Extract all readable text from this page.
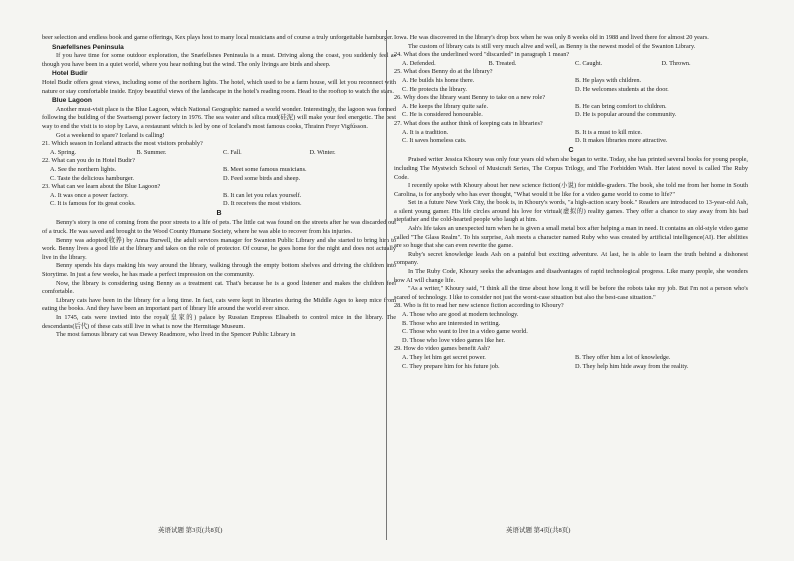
beer selection and endless book and game offerings, Kex plays host to many local musicians and of course a truly unforgettable hamburger.

Snæfellsnes Peninsula

If you have time for some outdoor exploration, the Snæfellsnes Peninsula is a must. Driving along the coast, you suddenly feel as though you have been in a quiet world, where you hear nothing but the wind. The only livings are birds and sheep.

Hotel Budir

Hotel Budir offers great views, including some of the northern lights. The hotel, which used to be a farm house, will let you reconnect with nature or stay comfortable inside. Enjoy beautiful views of the landscape in the hotel's reading room. Head to the rooftop to watch the stars.

Blue Lagoon

Another must-visit place is the Blue Lagoon, which National Geographic named a world wonder. Interestingly, the lagoon was formed following the building of the Svartsengi power factory in 1976. The sea water and silica mud(硅泥) will make your feel energetic. The best way to end the visit is to stop by Lava, a restaurant which is led by one of Iceland's most famous cooks, Thrainn Freyr Vigfússon.

Got a weekend to spare? Iceland is calling!

21. Which season in Iceland attracts the most visitors probably?
A. Spring.	B. Summer.	C. Fall.	D. Winter.
22. What can you do in Hotel Budir?
A. See the northern lights.	B. Meet some famous musicians.
C. Taste the delicious hamburger.	D. Feed some birds and sheep.
23. What can we learn about the Blue Lagoon?
A. It was once a power factory.	B. It can let you relax yourself.
C. It is famous for its great cooks.	D. It receives the most visitors.
B

Benny's story is one of coming from the poor streets to a life of pets. The little cat was found on the streets after he was discarded out of a truck. He was saved and brought to the Wood County Humane Society, where he was able to recover from his injuries.

Benny was adopted(收养) by Anna Burwell, the adult services manager for Swanton Public Library and she started to bring him to work. Benny lives a good life at the library and takes on the role of protector. Of course, he goes home for the night and does not actually live in the library.

Benny spends his days making his way around the library, walking through the empty bottom shelves and driving the children into Storytime. In just a few weeks, he has made a perfect impression on the community.

Now, the library is considering using Benny as a treatment cat. That's because he is a good listener and makes the children feel comfortable.

Library cats have been in the library for a long time. In fact, cats were kept in libraries during the Middle Ages to keep mice from eating the books. And they have been an important part of library life around the world ever since.

In 1745, cats were invited into the royal(皇家的) palace by Russian Empress Elisabeth to control mice in the library. The descendants(后代) of these cats still live in what is now the Hermitage Museum.

The most famous library cat was Dewey Readmore, who lived in the Spencer Public Library in

Iowa. He was discovered in the library's drop box when he was only 8 weeks old in 1988 and lived there for almost 20 years.

The custom of library cats is still very much alive and well, as Benny is the newest model of the Swanton Library.

24. What does the underlined word "discarded" in paragraph 1 mean?
A. Defended.	B. Treated.	C. Caught.	D. Thrown.
25. What does Benny do at the library?
A. He builds his home there.	B. He plays with children.
C. He protects the library.	D. He welcomes students at the door.
26. Why does the library want Benny to take on a new role?
A. He keeps the library quite safe.	B. He can bring comfort to children.
C. He is considered honourable.	D. He is popular around the community.
27. What does the author think of keeping cats in libraries?
A. It is a tradition.	B. It is a must to kill mice.
C. It saves homeless cats.	D. It makes libraries more attractive.
C

Praised writer Jessica Khoury was only four years old when she began to write. Today, she has printed several books for young people, including The Mystwich School of Musicraft Series, The Corpus Trilogy, and The Forbidden Wish. Her latest novel is called The Ruby Code.

I recently spoke with Khoury about her new science fiction(小说) for middle-graders. The book, she told me from her home in South Carolina, is for anybody who has ever thought, "What would it be like for a video game world to come to life?"

Set in a future New York City, the book is, in Khoury's words, "a high-action scary book." Readers are introduced to 13-year-old Ash, a silent young gamer. His life circles around his love for virtual(虚拟的) reality games. They offer a chance to stay away from his bad stepfather and the cold-hearted people who laugh at him.

Ash's life takes an unexpected turn when he is given a small metal box after helping a man in need. It contains an old-style video game called "The Glass Realm". To his surprise, Ash meets a character named Ruby who was created by artificial intelligence(AI). Her abilities are so huge that she can even rewrite the game.

Ruby's secret knowledge leads Ash on a painful but exciting adventure. At last, he is able to learn the truth behind a dishonest company.

In The Ruby Code, Khoury seeks the advantages and disadvantages of rapid technological progress. Like many people, she wonders how AI will change life.

"As a writer," Khoury said, "I think all the time about how long it will be before the robots take my job. But I'm not a person who's scared of technology. I like to consider not just the worst-case situation but also the best-case situation."

28. Who is fit to read her new science fiction according to Khoury?
A. Those who are good at modern technology.
B. Those who are interested in writing.
C. Those who want to live in a video game world.
D. Those who love video games like her.
29. How do video games benefit Ash?
A. They let him get secret power.	B. They offer him a lot of knowledge.
C. They prepare him for his future job.	D. They help him hide away from the reality.
英语试题 第3页(共8页)	英语试题 第4页(共8页)
